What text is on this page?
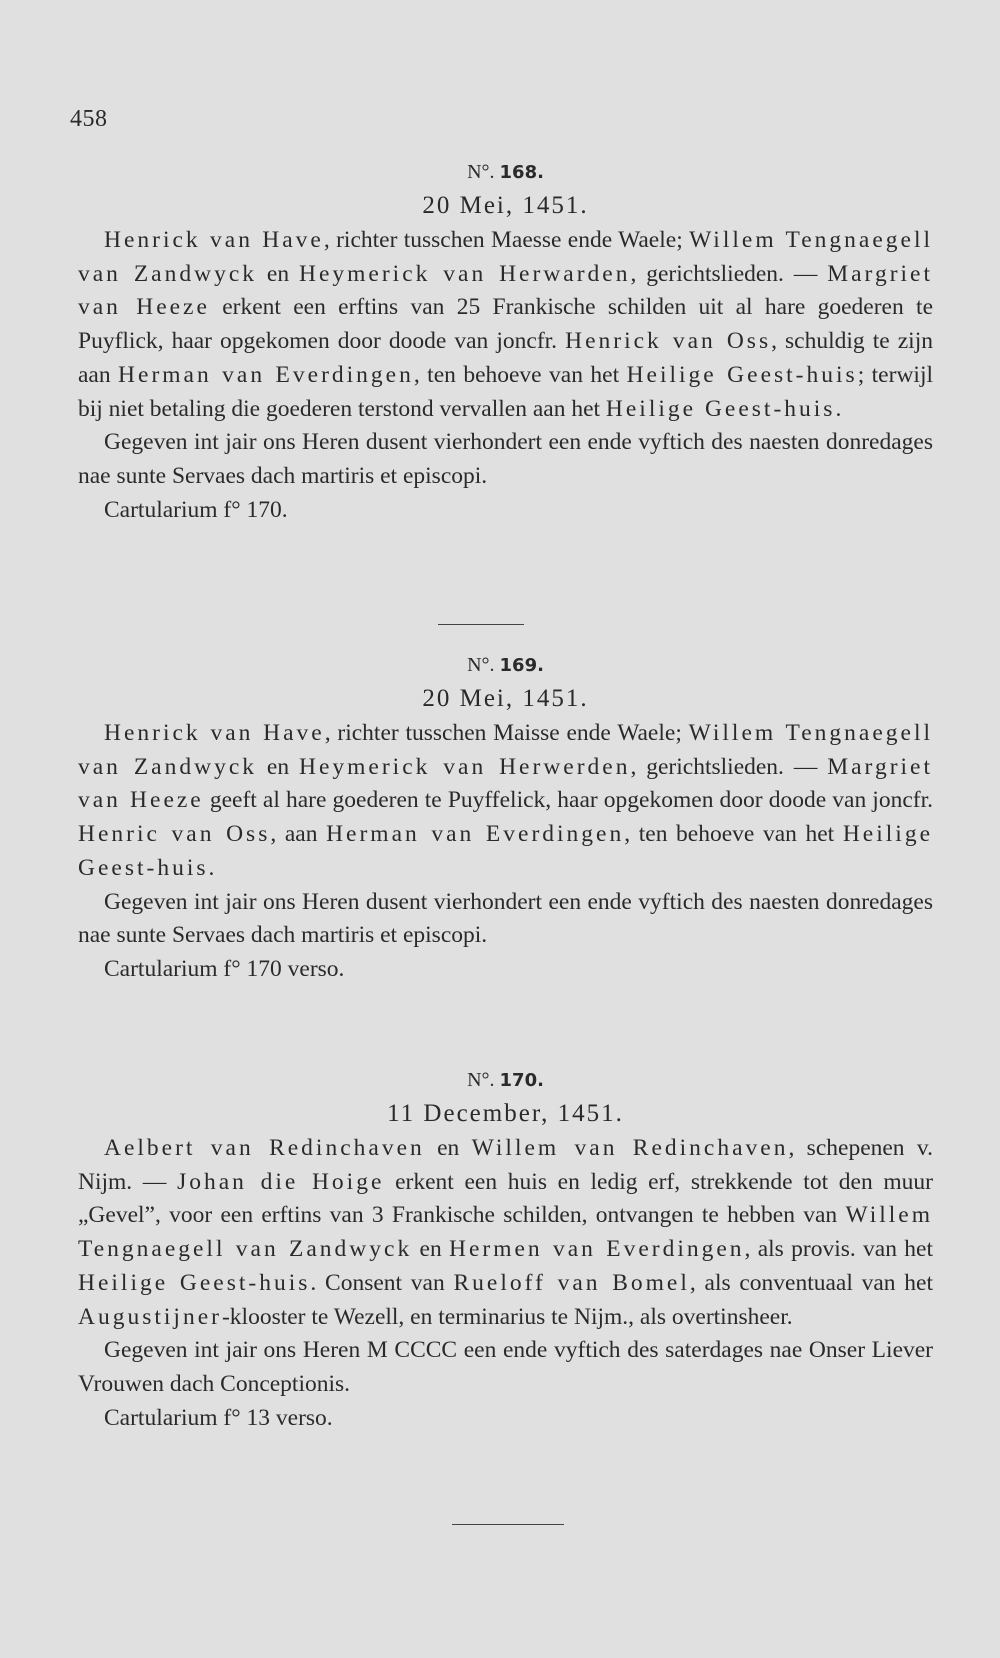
458

N°. 168.

20 Mei, 1451.

Henrick van Have, richter tusschen Maesse ende Waele; Willem Tengnaegell van Zandwyck en Heymerick van Herwarden, gerichtslieden. — Margriet van Heeze erkent een erftins van 25 Frankische schilden uit al hare goederen te Puyflick, haar opgekomen door doode van joncfr. Henrick van Oss, schuldig te zijn aan Herman van Everdingen, ten behoeve van het Heilige Geest-huis; terwijl bij niet betaling die goederen terstond vervallen aan het Heilige Geest-huis.

Gegeven int jair ons Heren dusent vierhondert een ende vyftich des naesten donredages nae sunte Servaes dach martiris et episcopi.

Cartularium f° 170.

N°. 169.

20 Mei, 1451.

Henrick van Have, richter tusschen Maisse ende Waele; Willem Tengnaegell van Zandwyck en Heymerick van Herwerden, gerichtslieden. — Margriet van Heeze geeft al hare goederen te Puyffelick, haar opgekomen door doode van joncfr. Henric van Oss, aan Herman van Everdingen, ten behoeve van het Heilige Geest-huis.

Gegeven int jair ons Heren dusent vierhondert een ende vyftich des naesten donredages nae sunte Servaes dach martiris et episcopi.

Cartularium f° 170 verso.

N°. 170.

11 December, 1451.

Aelbert van Redinchaven en Willem van Redinchaven, schepenen v. Nijm. — Johan die Hoige erkent een huis en ledig erf, strekkende tot den muur „Gevel”, voor een erftins van 3 Frankische schilden, ontvangen te hebben van Willem Tengnaegell van Zandwyck en Hermen van Everdingen, als provis. van het Heilige Geest-huis. Consent van Rueloff van Bomel, als conventuaal van het Augustijner-klooster te Wezell, en terminarius te Nijm., als overtinsheer.

Gegeven int jair ons Heren M CCCC een ende vyftich des saterdages nae Onser Liever Vrouwen dach Conceptionis.

Cartularium f° 13 verso.
